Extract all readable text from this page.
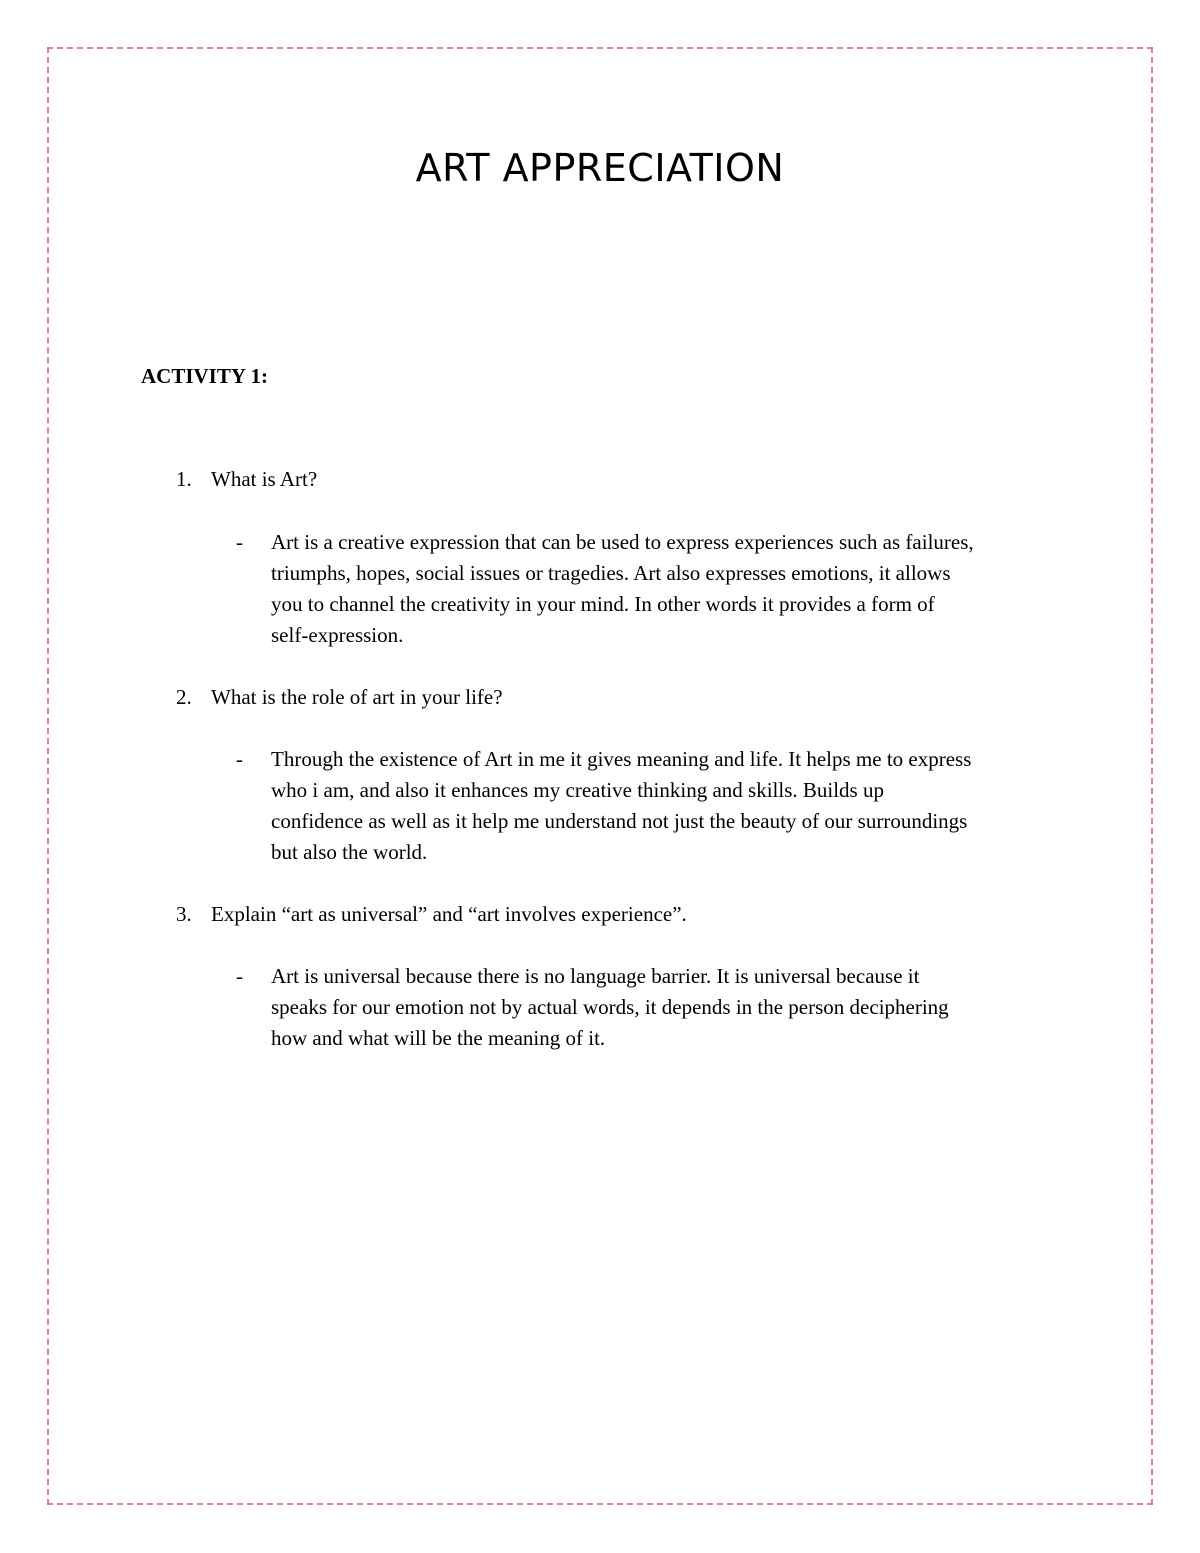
ART APPRECIATION
ACTIVITY 1:
1. What is Art?
- Art is a creative expression that can be used to express experiences such as failures,
triumphs, hopes, social issues or tragedies. Art also expresses emotions, it allows
you to channel the creativity in your mind. In other words it provides a form of
self-expression.
2. What is the role of art in your life?
- Through the existence of Art in me it gives meaning and life. It helps me to express
who i am, and also it enhances my creative thinking and skills. Builds up
confidence as well as it help me understand not just the beauty of our surroundings
but also the world.
3. Explain “art as universal” and “art involves experience”.
- Art is universal because there is no language barrier. It is universal because it
speaks for our emotion not by actual words, it depends in the person deciphering
how and what will be the meaning of it.
